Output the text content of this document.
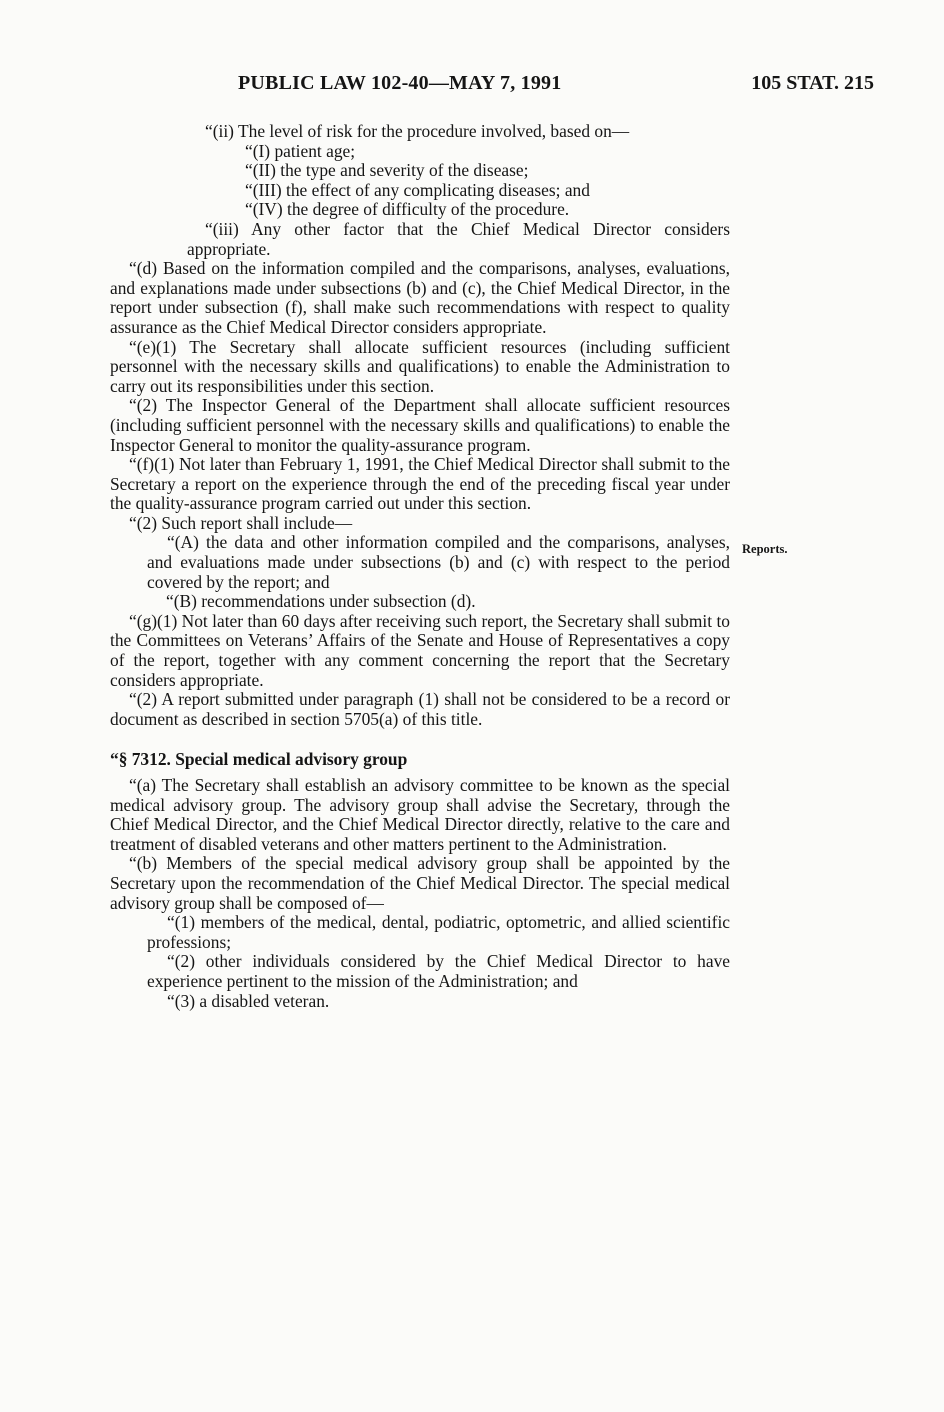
PUBLIC LAW 102-40—MAY 7, 1991	105 STAT. 215
Reports.

“(ii) The level of risk for the procedure involved, based on—

“(I) patient age;

“(II) the type and severity of the disease;

“(III) the effect of any complicating diseases; and

“(IV) the degree of difficulty of the procedure.

“(iii) Any other factor that the Chief Medical Director considers appropriate.

“(d) Based on the information compiled and the comparisons, analyses, evaluations, and explanations made under subsections (b) and (c), the Chief Medical Director, in the report under subsection (f), shall make such recommendations with respect to quality assurance as the Chief Medical Director considers appropriate.

“(e)(1) The Secretary shall allocate sufficient resources (including sufficient personnel with the necessary skills and qualifications) to enable the Administration to carry out its responsibilities under this section.

“(2) The Inspector General of the Department shall allocate sufficient resources (including sufficient personnel with the necessary skills and qualifications) to enable the Inspector General to monitor the quality-assurance program.

“(f)(1) Not later than February 1, 1991, the Chief Medical Director shall submit to the Secretary a report on the experience through the end of the preceding fiscal year under the quality-assurance program carried out under this section.

“(2) Such report shall include—

“(A) the data and other information compiled and the comparisons, analyses, and evaluations made under subsections (b) and (c) with respect to the period covered by the report; and

“(B) recommendations under subsection (d).

“(g)(1) Not later than 60 days after receiving such report, the Secretary shall submit to the Committees on Veterans’ Affairs of the Senate and House of Representatives a copy of the report, together with any comment concerning the report that the Secretary considers appropriate.

“(2) A report submitted under paragraph (1) shall not be considered to be a record or document as described in section 5705(a) of this title.

“§ 7312. Special medical advisory group

“(a) The Secretary shall establish an advisory committee to be known as the special medical advisory group. The advisory group shall advise the Secretary, through the Chief Medical Director, and the Chief Medical Director directly, relative to the care and treatment of disabled veterans and other matters pertinent to the Administration.

“(b) Members of the special medical advisory group shall be appointed by the Secretary upon the recommendation of the Chief Medical Director. The special medical advisory group shall be composed of—

“(1) members of the medical, dental, podiatric, optometric, and allied scientific professions;

“(2) other individuals considered by the Chief Medical Director to have experience pertinent to the mission of the Administration; and

“(3) a disabled veteran.
